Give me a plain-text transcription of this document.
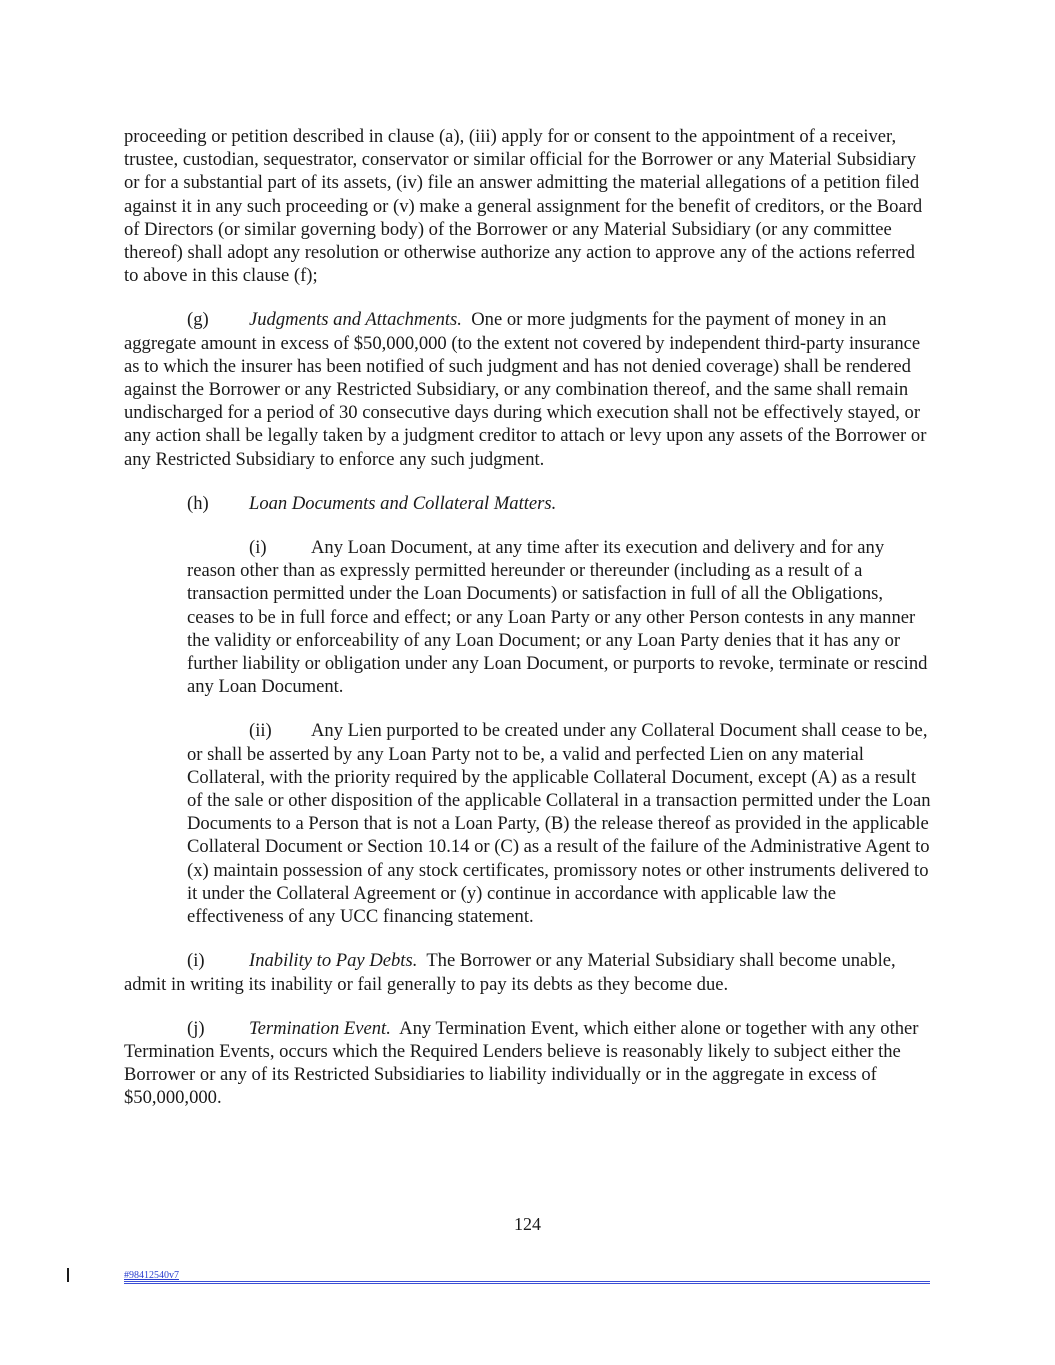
proceeding or petition described in clause (a), (iii) apply for or consent to the appointment of a receiver, trustee, custodian, sequestrator, conservator or similar official for the Borrower or any Material Subsidiary or for a substantial part of its assets, (iv) file an answer admitting the material allegations of a petition filed against it in any such proceeding or (v) make a general assignment for the benefit of creditors, or the Board of Directors (or similar governing body) of the Borrower or any Material Subsidiary (or any committee thereof) shall adopt any resolution or otherwise authorize any action to approve any of the actions referred to above in this clause (f);

(g) Judgments and Attachments. One or more judgments for the payment of money in an aggregate amount in excess of $50,000,000 (to the extent not covered by independent third-party insurance as to which the insurer has been notified of such judgment and has not denied coverage) shall be rendered against the Borrower or any Restricted Subsidiary, or any combination thereof, and the same shall remain undischarged for a period of 30 consecutive days during which execution shall not be effectively stayed, or any action shall be legally taken by a judgment creditor to attach or levy upon any assets of the Borrower or any Restricted Subsidiary to enforce any such judgment.

(h) Loan Documents and Collateral Matters.

(i) Any Loan Document, at any time after its execution and delivery and for any reason other than as expressly permitted hereunder or thereunder (including as a result of a transaction permitted under the Loan Documents) or satisfaction in full of all the Obligations, ceases to be in full force and effect; or any Loan Party or any other Person contests in any manner the validity or enforceability of any Loan Document; or any Loan Party denies that it has any or further liability or obligation under any Loan Document, or purports to revoke, terminate or rescind any Loan Document.

(ii) Any Lien purported to be created under any Collateral Document shall cease to be, or shall be asserted by any Loan Party not to be, a valid and perfected Lien on any material Collateral, with the priority required by the applicable Collateral Document, except (A) as a result of the sale or other disposition of the applicable Collateral in a transaction permitted under the Loan Documents to a Person that is not a Loan Party, (B) the release thereof as provided in the applicable Collateral Document or Section 10.14 or (C) as a result of the failure of the Administrative Agent to (x) maintain possession of any stock certificates, promissory notes or other instruments delivered to it under the Collateral Agreement or (y) continue in accordance with applicable law the effectiveness of any UCC financing statement.

(i) Inability to Pay Debts. The Borrower or any Material Subsidiary shall become unable, admit in writing its inability or fail generally to pay its debts as they become due.

(j) Termination Event. Any Termination Event, which either alone or together with any other Termination Events, occurs which the Required Lenders believe is reasonably likely to subject either the Borrower or any of its Restricted Subsidiaries to liability individually or in the aggregate in excess of $50,000,000.

124
#98412540v7
